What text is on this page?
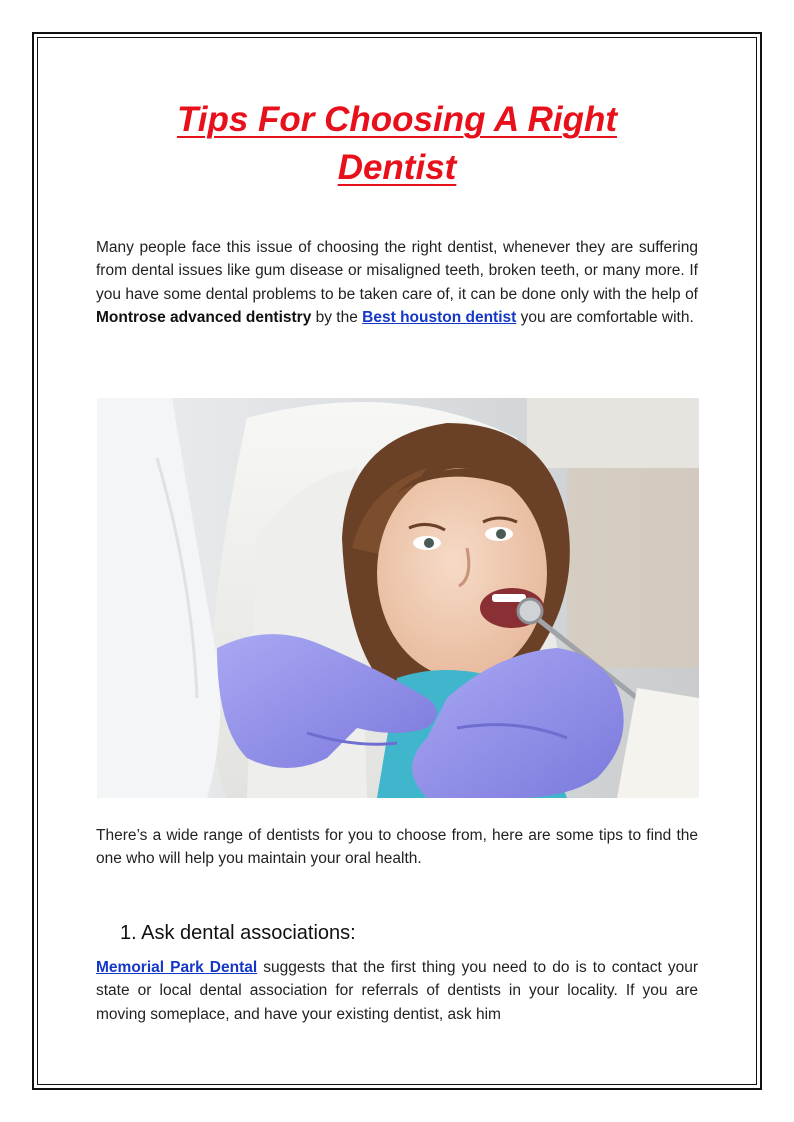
Tips For Choosing A Right
Dentist

Many people face this issue of choosing the right dentist, whenever they are suffering from dental issues like gum disease or misaligned teeth, broken teeth, or many more. If you have some dental problems to be taken care of, it can be done only with the help of Montrose advanced dentistry by the Best houston dentist you are comfortable with.

There’s a wide range of dentists for you to choose from, here are some tips to find the one who will help you maintain your oral health.

1. Ask dental associations:

Memorial Park Dental suggests that the first thing you need to do is to contact your state or local dental association for referrals of dentists in your locality. If you are moving someplace, and have your existing dentist, ask him
